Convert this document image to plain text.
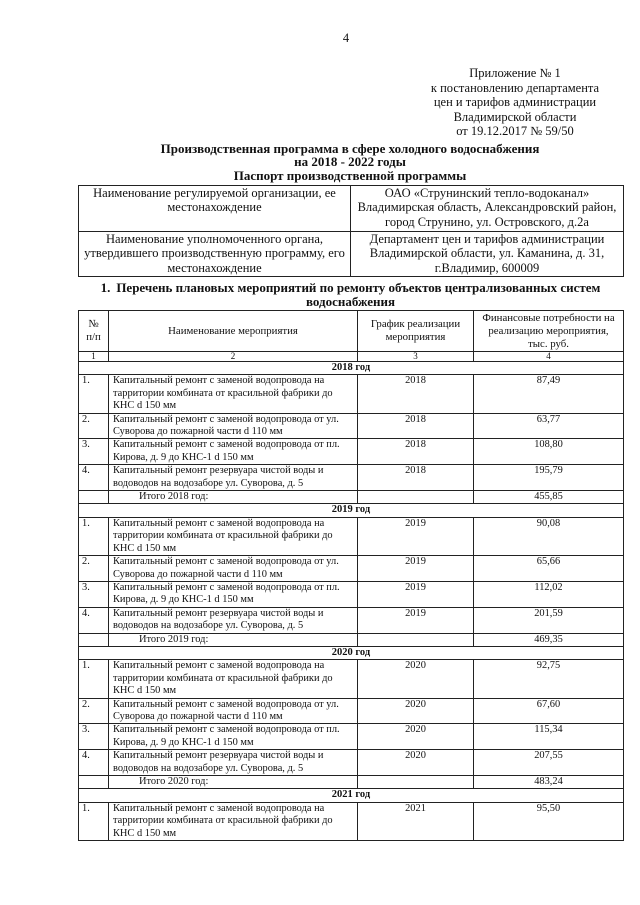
4
Приложение № 1
к постановлению департамента
цен и тарифов администрации
Владимирской области
от 19.12.2017 № 59/50
Производственная программа в сфере холодного водоснабжения
на 2018 - 2022 годы
Паспорт производственной программы
Наименование регулируемой организации, ее местонахождение	ОАО «Струнинский тепло-водоканал» Владимирская область, Александровский район, город Струнино, ул. Островского, д.2а
Наименование уполномоченного органа, утвердившего производственную программу, его местонахождение	Департамент цен и тарифов администрации Владимирской области, ул. Каманина, д. 31, г.Владимир, 600009
1. Перечень плановых мероприятий по ремонту объектов централизованных систем водоснабжения
№ п/п	Наименование мероприятия	График реализации мероприятия	Финансовые потребности на реализацию мероприятия, тыс. руб.
1	2	3	4
2018 год			
1.	Капитальный ремонт с заменой водопровода на тарритории комбината от красильной фабрики до КНС d 150 мм	2018	87,49
2.	Капитальный ремонт с заменой водопровода от ул. Суворова до пожарной части d 110 мм	2018	63,77
3.	Капитальный ремонт с заменой водопровода от пл. Кирова, д. 9 до КНС-1 d 150 мм	2018	108,80
4.	Капитальный ремонт резервуара чистой воды и водоводов на водозаборе ул. Суворова, д. 5	2018	195,79
	Итого 2018 год:		455,85
2019 год			
1.	Капитальный ремонт с заменой водопровода на тарритории комбината от красильной фабрики до КНС d 150 мм	2019	90,08
2.	Капитальный ремонт с заменой водопровода от ул. Суворова до пожарной части d 110 мм	2019	65,66
3.	Капитальный ремонт с заменой водопровода от пл. Кирова, д. 9 до КНС-1 d 150 мм	2019	112,02
4.	Капитальный ремонт резервуара чистой воды и водоводов на водозаборе ул. Суворова, д. 5	2019	201,59
	Итого 2019 год:		469,35
2020 год			
1.	Капитальный ремонт с заменой водопровода на тарритории комбината от красильной фабрики до КНС d 150 мм	2020	92,75
2.	Капитальный ремонт с заменой водопровода от ул. Суворова до пожарной части d 110 мм	2020	67,60
3.	Капитальный ремонт с заменой водопровода от пл. Кирова, д. 9 до КНС-1 d 150 мм	2020	115,34
4.	Капитальный ремонт резервуара чистой воды и водоводов на водозаборе ул. Суворова, д. 5	2020	207,55
	Итого 2020 год:		483,24
2021 год			
1.	Капитальный ремонт с заменой водопровода на тарритории комбината от красильной фабрики до КНС d 150 мм	2021	95,50
